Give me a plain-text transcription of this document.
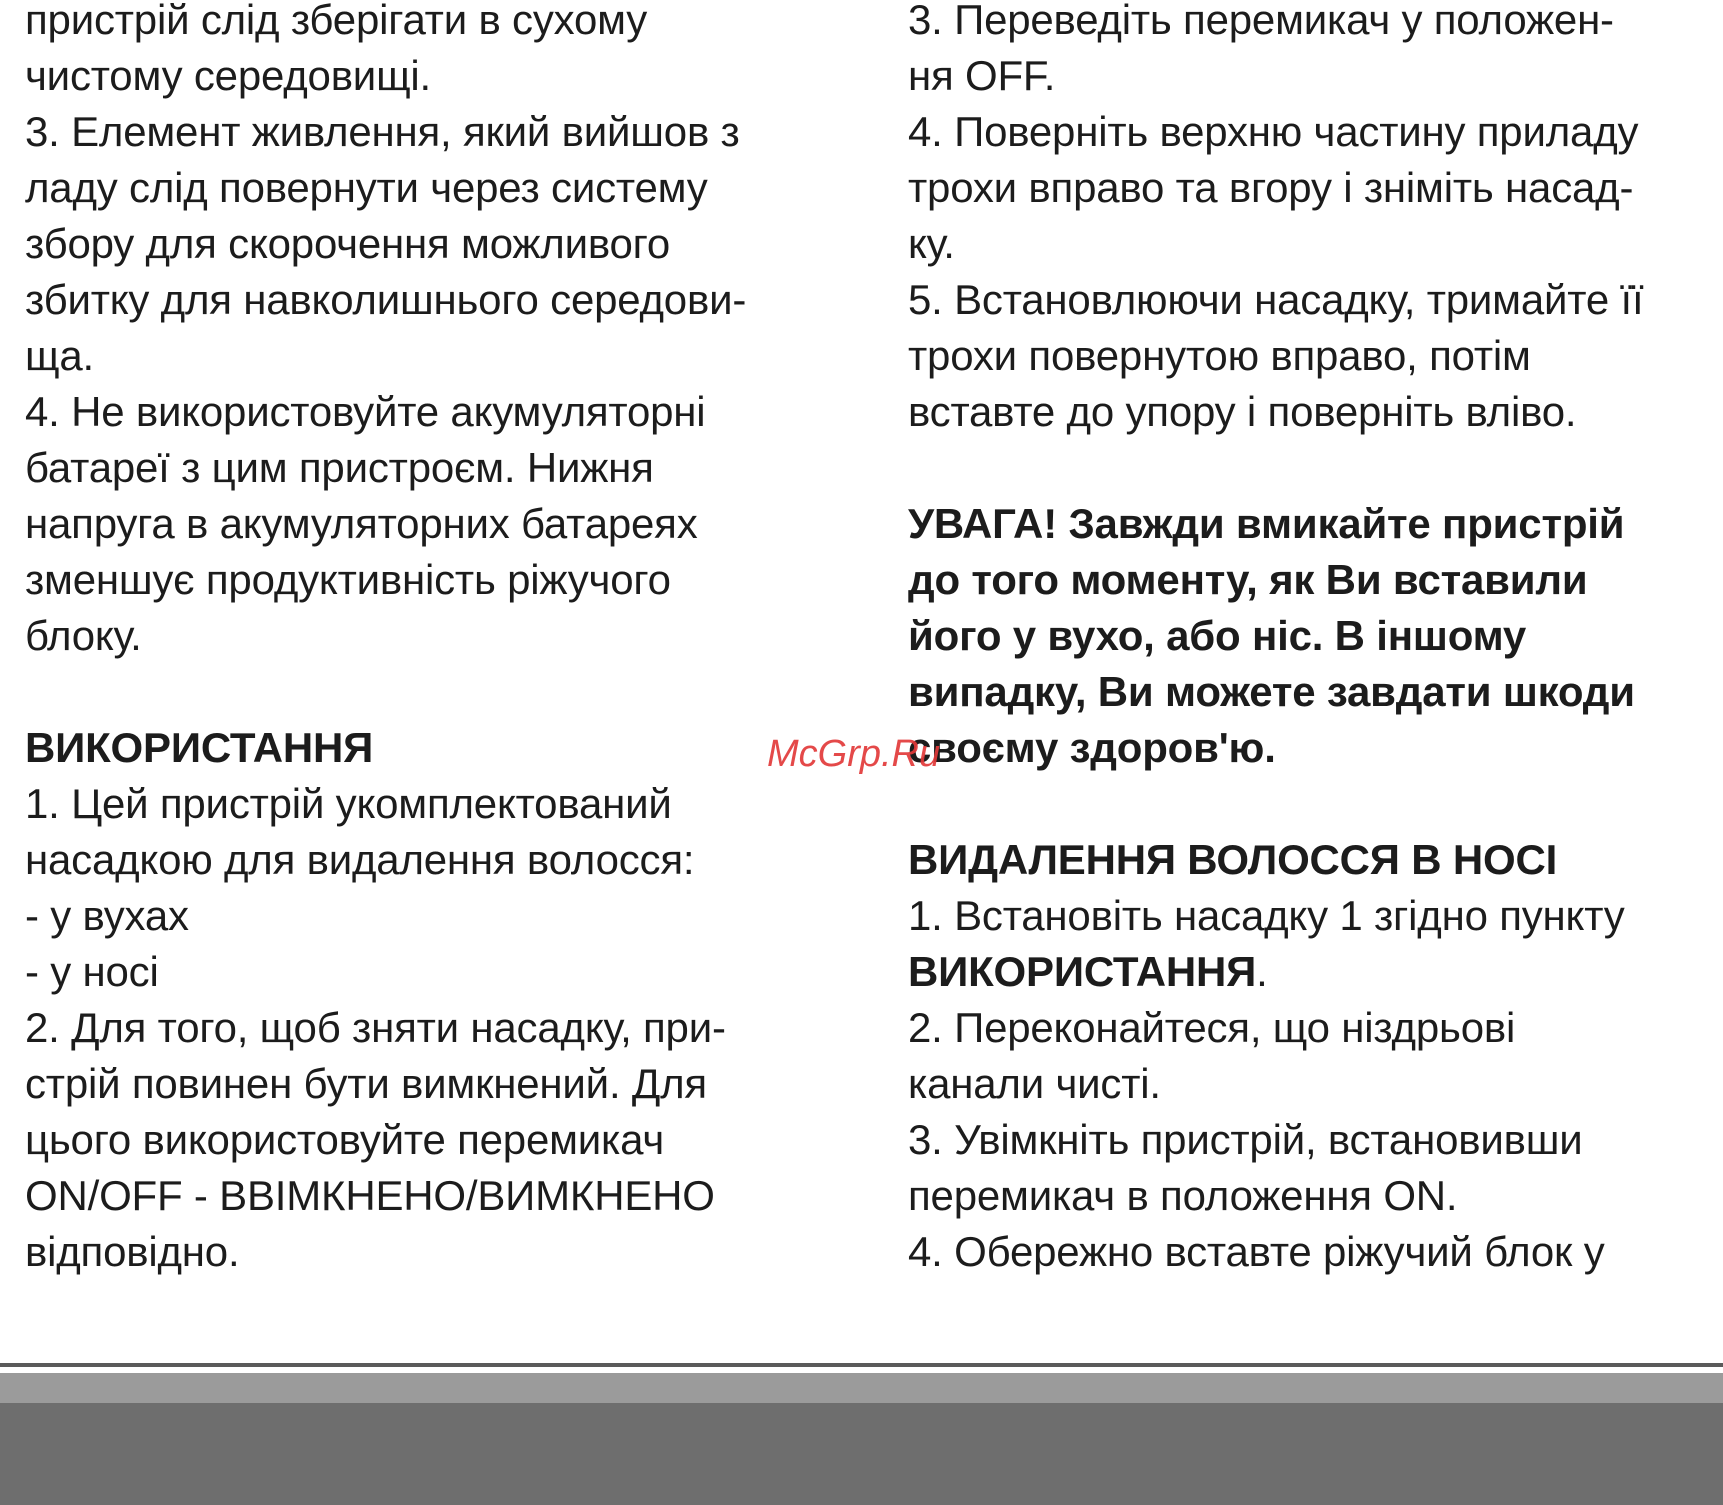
пристрій слід зберігати в сухому
чистому середовищі.
3. Елемент живлення, який вийшов з
ладу слід повернути через систему
збору для скорочення можливого
збитку для навколишнього середови-
ща.
4. Не використовуйте акумуляторні
батареї з цим пристроєм. Нижня
напруга в акумуляторних батареях
зменшує продуктивність ріжучого
блоку.
ВИКОРИСТАННЯ
1. Цей пристрій укомплектований
насадкою для видалення волосся:
- у вухах
- у носі
2. Для того, щоб зняти насадку, при-
стрій повинен бути вимкнений. Для
цього використовуйте перемикач
ON/OFF - ВВІМКНЕНО/ВИМКНЕНО
відповідно.
3. Переведіть перемикач у положен-
ня OFF.
4. Поверніть верхню частину приладу
трохи вправо та вгору і зніміть насад-
ку.
5. Встановлюючи насадку, тримайте її
трохи повернутою вправо, потім
вставте до упору і поверніть вліво.
УВАГА! Завжди вмикайте пристрій
до того моменту, як Ви вставили
його у вухо, або ніс. В іншому
випадку, Ви можете завдати шкоди
своєму здоров'ю.
ВИДАЛЕННЯ ВОЛОССЯ В НОСІ
1. Встановіть насадку 1 згідно пункту
ВИКОРИСТАННЯ.
2. Переконайтеся, що ніздрьові
канали чисті.
3. Увімкніть пристрій, встановивши
перемикач в положення ON.
4. Обережно вставте ріжучий блок у
McGrp.Ru
